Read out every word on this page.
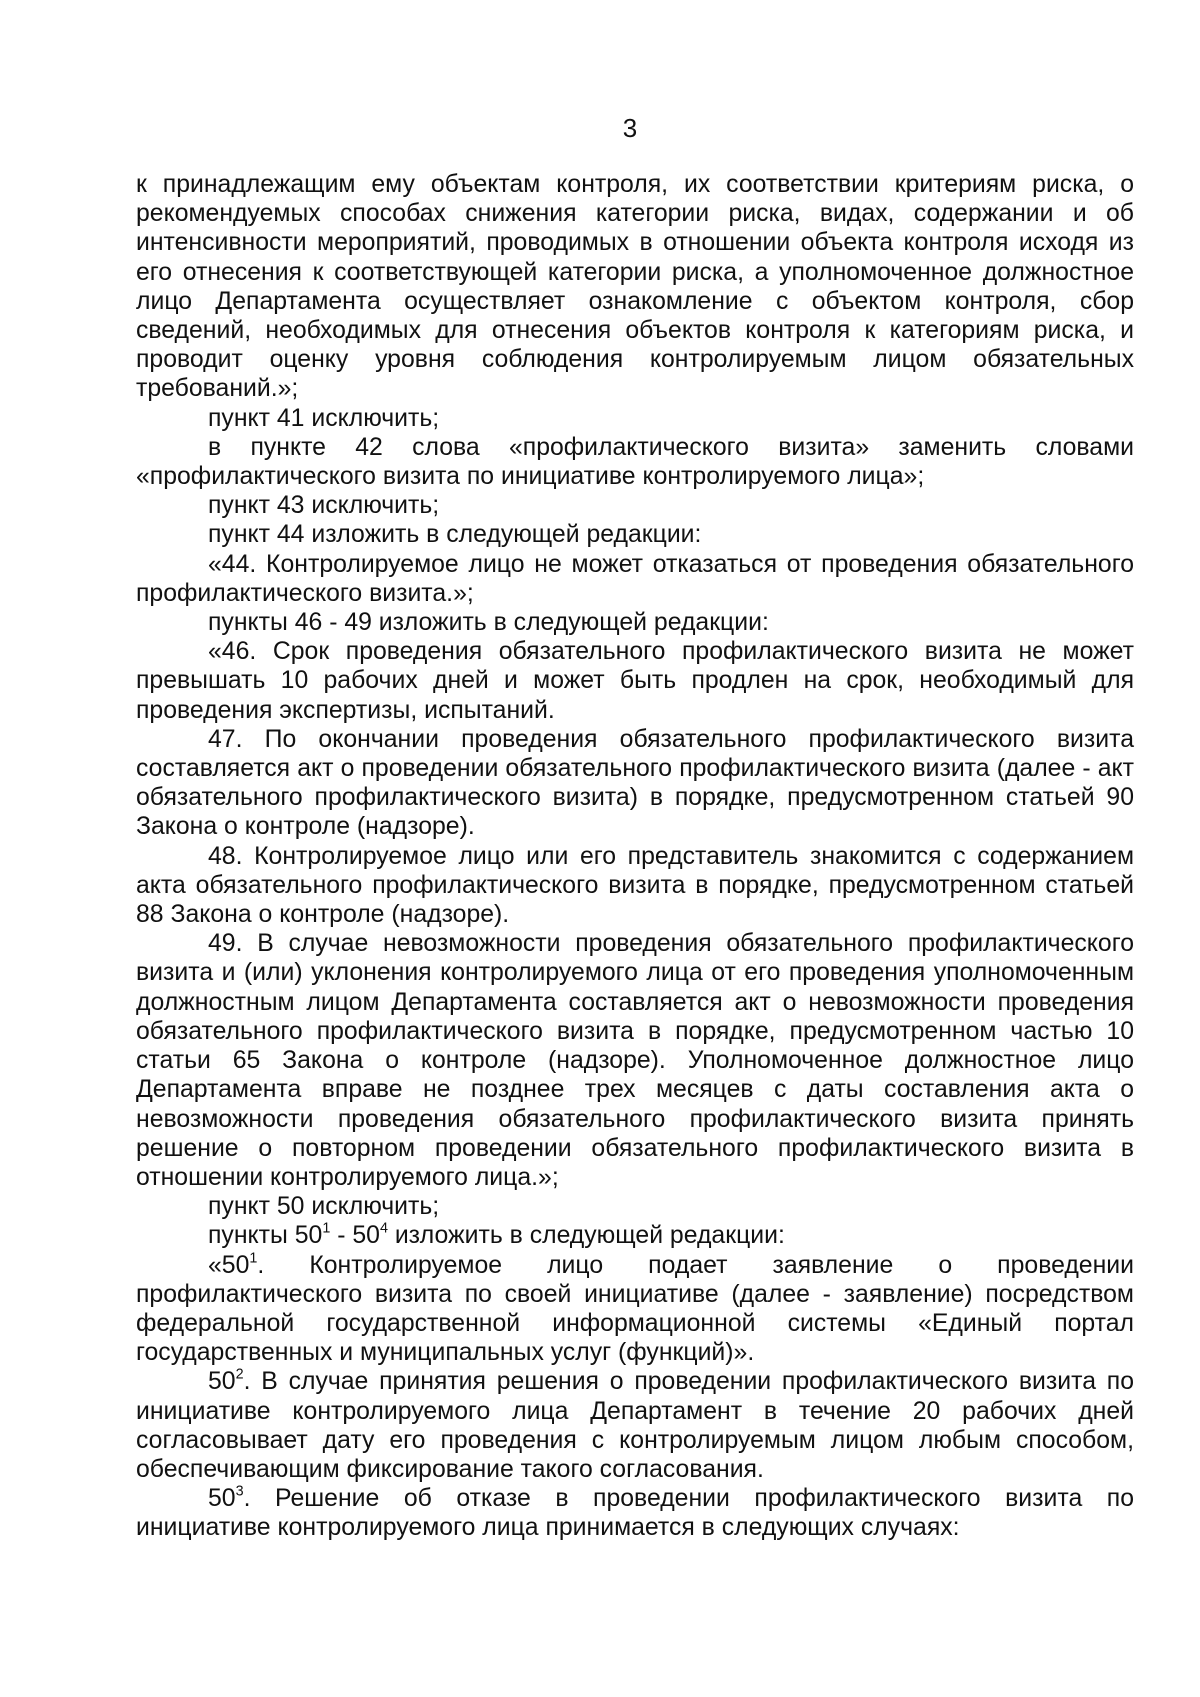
3

к принадлежащим ему объектам контроля, их соответствии критериям риска, о рекомендуемых способах снижения категории риска, видах, содержании и об интенсивности мероприятий, проводимых в отношении объекта контроля исходя из его отнесения к соответствующей категории риска, а уполномоченное должностное лицо Департамента осуществляет ознакомление с объектом контроля, сбор сведений, необходимых для отнесения объектов контроля к категориям риска, и проводит оценку уровня соблюдения контролируемым лицом обязательных требований.»;

пункт 41 исключить;

в пункте 42 слова «профилактического визита» заменить словами «профилактического визита по инициативе контролируемого лица»;

пункт 43 исключить;

пункт 44 изложить в следующей редакции:

«44. Контролируемое лицо не может отказаться от проведения обязательного профилактического визита.»;

пункты 46 - 49 изложить в следующей редакции:

«46. Срок проведения обязательного профилактического визита не может превышать 10 рабочих дней и может быть продлен на срок, необходимый для проведения экспертизы, испытаний.

47. По окончании проведения обязательного профилактического визита составляется акт о проведении обязательного профилактического визита (далее - акт обязательного профилактического визита) в порядке, предусмотренном статьей 90 Закона о контроле (надзоре).

48. Контролируемое лицо или его представитель знакомится с содержанием акта обязательного профилактического визита в порядке, предусмотренном статьей 88 Закона о контроле (надзоре).

49. В случае невозможности проведения обязательного профилактического визита и (или) уклонения контролируемого лица от его проведения уполномоченным должностным лицом Департамента составляется акт о невозможности проведения обязательного профилактического визита в порядке, предусмотренном частью 10 статьи 65 Закона о контроле (надзоре). Уполномоченное должностное лицо Департамента вправе не позднее трех месяцев с даты составления акта о невозможности проведения обязательного профилактического визита принять решение о повторном проведении обязательного профилактического визита в отношении контролируемого лица.»;

пункт 50 исключить;

пункты $50^1 - 50^4$ изложить в следующей редакции:

«$50^1$. Контролируемое лицо подает заявление о проведении профилактического визита по своей инициативе (далее - заявление) посредством федеральной государственной информационной системы «Единый портал государственных и муниципальных услуг (функций)».

$50^2$. В случае принятия решения о проведении профилактического визита по инициативе контролируемого лица Департамент в течение 20 рабочих дней согласовывает дату его проведения с контролируемым лицом любым способом, обеспечивающим фиксирование такого согласования.

$50^3$. Решение об отказе в проведении профилактического визита по инициативе контролируемого лица принимается в следующих случаях:
